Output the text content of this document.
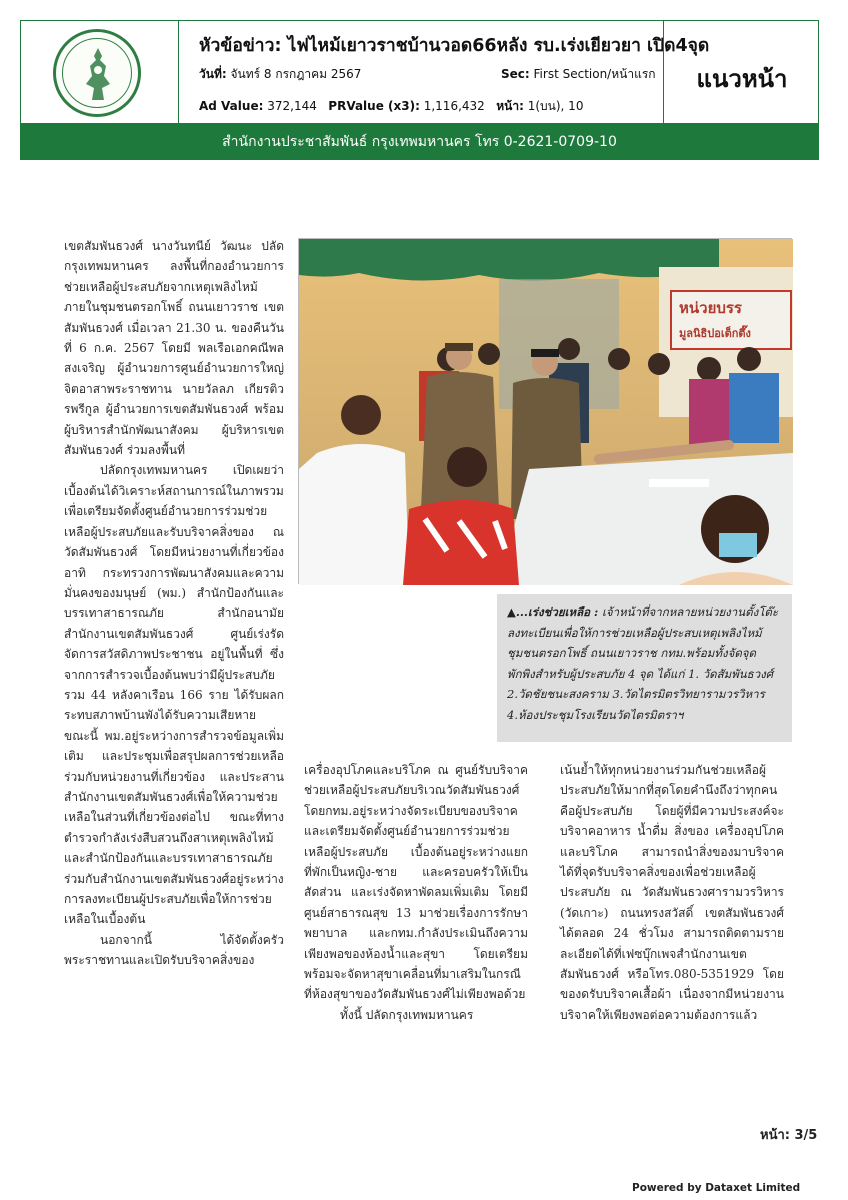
หัวข้อข่าว: ไฟไหม้เยาวราชบ้านวอด66หลัง รบ.เร่งเยียวยา เปิด4จุด
วันที่: จันทร์ 8 กรกฎาคม 2567	Sec: First Section/หน้าแรก
Ad Value: 372,144 PRValue (x3): 1,116,432 หน้า: 1(บน), 10
แนวหน้า
สำนักงานประชาสัมพันธ์ กรุงเทพมหานคร โทร 0-2621-0709-10

เขตสัมพันธวงศ์ นางวันทนีย์ วัฒนะ ปลัดกรุงเทพมหานคร ลงพื้นที่กองอำนวยการ ช่วยเหลือผู้ประสบภัยจากเหตุเพลิงไหม้ภายในชุมชนตรอกโพธิ์ ถนนเยาวราช เขตสัมพันธวงศ์ เมื่อเวลา 21.30 น. ของคืนวันที่ 6 ก.ค. 2567 โดยมี พลเรือเอกคณีพล สงเจริญ ผู้อำนวยการศูนย์อำนวยการใหญ่จิตอาสาพระราชทาน นายวัลลภ เกียรติวรพรีกูล ผู้อำนวยการเขตสัมพันธวงศ์ พร้อมผู้บริหารสำนักพัฒนาสังคม ผู้บริหารเขตสัมพันธวงศ์ ร่วมลงพื้นที่

ปลัดกรุงเทพมหานคร เปิดเผยว่า เบื้องต้นได้วิเคราะห์สถานการณ์ในภาพรวมเพื่อเตรียมจัดตั้งศูนย์อำนวยการร่วมช่วยเหลือผู้ประสบภัยและรับบริจาคสิ่งของ ณ วัดสัมพันธวงศ์ โดยมีหน่วยงานที่เกี่ยวข้อง อาทิ กระทรวงการพัฒนาสังคมและความมั่นคงของมนุษย์ (พม.) สำนักป้องกันและบรรเทาสาธารณภัย สำนักอนามัย สำนักงานเขตสัมพันธวงศ์ ศูนย์เร่งรัดจัดการสวัสดิภาพประชาชน อยู่ในพื้นที่ ซึ่งจากการสำรวจเบื้องต้นพบว่ามีผู้ประสบภัย รวม 44 หลังคาเรือน 166 ราย ได้รับผลกระทบสภาพบ้านพังได้รับความเสียหาย ขณะนี้ พม.อยู่ระหว่างการสำรวจข้อมูลเพิ่มเติม และประชุมเพื่อสรุปผลการช่วยเหลือร่วมกับหน่วยงานที่เกี่ยวข้อง และประสานสำนักงานเขตสัมพันธวงศ์เพื่อให้ความช่วยเหลือในส่วนที่เกี่ยวข้องต่อไป ขณะที่ทางตำรวจกำลังเร่งสืบสวนถึงสาเหตุเพลิงไหม้ และสำนักป้องกันและบรรเทาสาธารณภัยร่วมกับสำนักงานเขตสัมพันธวงศ์อยู่ระหว่างการลงทะเบียนผู้ประสบภัยเพื่อให้การช่วยเหลือในเบื้องต้น

นอกจากนี้ ได้จัดตั้งครัวพระราชทานและเปิดรับบริจาคสิ่งของ

หน่วยบรร
มูลนิธิปอเต็กตึ๊ง
▲...เร่งช่วยเหลือ : เจ้าหน้าที่จากหลายหน่วยงานตั้งโต๊ะลงทะเบียนเพื่อให้การช่วยเหลือผู้ประสบเหตุเพลิงไหม้ชุมชนตรอกโพธิ์ ถนนเยาวราช กทม.พร้อมทั้งจัดจุดพักพิงสำหรับผู้ประสบภัย 4 จุด ได้แก่ 1. วัดสัมพันธวงศ์ 2.วัดชัยชนะสงคราม 3.วัดไตรมิตรวิทยารามวรวิหาร 4.ห้องประชุมโรงเรียนวัดไตรมิตราฯ

เครื่องอุปโภคและบริโภค ณ ศูนย์รับบริจาคช่วยเหลือผู้ประสบภัยบริเวณวัดสัมพันธวงศ์ โดยกทม.อยู่ระหว่างจัดระเบียบของบริจาคและเตรียมจัดตั้งศูนย์อำนวยการร่วมช่วยเหลือผู้ประสบภัย เบื้องต้นอยู่ระหว่างแยกที่พักเป็นหญิง-ชาย และครอบครัวให้เป็นสัดส่วน และเร่งจัดหาพัดลมเพิ่มเติม โดยมีศูนย์สาธารณสุข 13 มาช่วยเรื่องการรักษาพยาบาล และกทม.กำลังประเมินถึงความเพียงพอของห้องน้ำและสุขา โดยเตรียมพร้อมจะจัดหาสุขาเคลื่อนที่มาเสริมในกรณีที่ห้องสุขาของวัดสัมพันธวงศ์ไม่เพียงพอด้วย

ทั้งนี้ ปลัดกรุงเทพมหานคร

เน้นย้ำให้ทุกหน่วยงานร่วมกันช่วยเหลือผู้ประสบภัยให้มากที่สุดโดยคำนึงถึงว่าทุกคนคือผู้ประสบภัย โดยผู้ที่มีความประสงค์จะบริจาคอาหาร น้ำดื่ม สิ่งของ เครื่องอุปโภคและบริโภค สามารถนำสิ่งของมาบริจาคได้ที่จุดรับบริจาคสิ่งของเพื่อช่วยเหลือผู้ประสบภัย ณ วัดสัมพันธวงศารามวรวิหาร (วัดเกาะ) ถนนทรงสวัสดิ์ เขตสัมพันธวงศ์ ได้ตลอด 24 ชั่วโมง สามารถติดตามรายละเอียดได้ที่เฟซบุ๊กเพจสำนักงานเขตสัมพันธวงศ์ หรือโทร.080-5351929 โดยของดรับบริจาคเสื้อผ้า เนื่องจากมีหน่วยงานบริจาคให้เพียงพอต่อความต้องการแล้ว

หน้า: 3/5
Powered by Dataxet Limited
